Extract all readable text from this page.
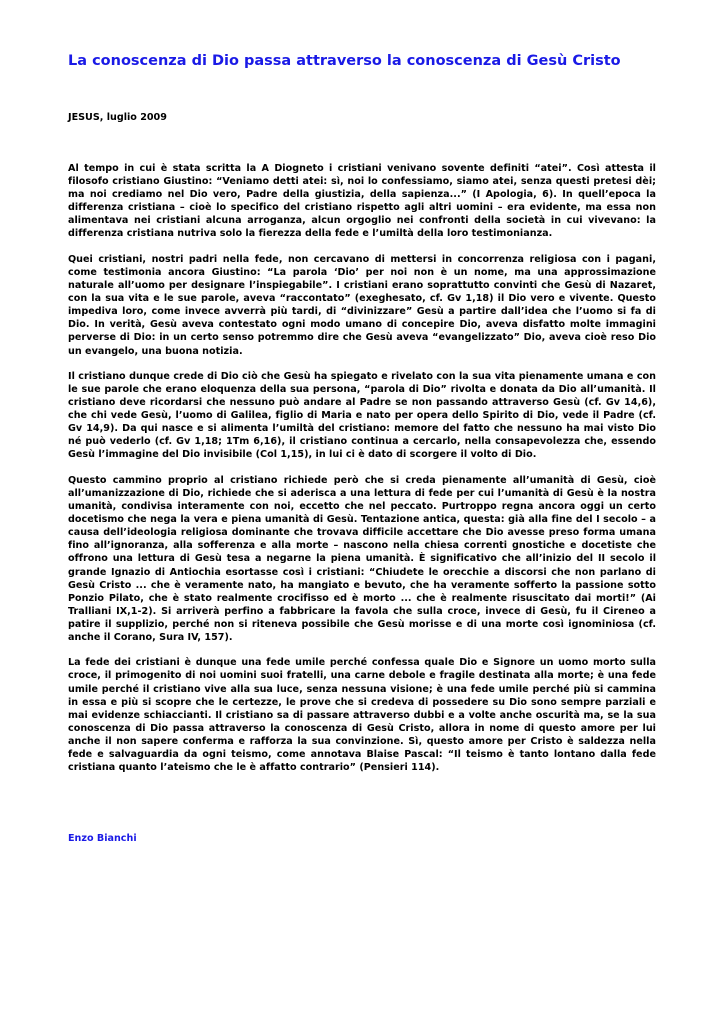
La conoscenza di Dio passa attraverso la conoscenza di Gesù Cristo

JESUS, luglio 2009

Al tempo in cui è stata scritta la A Diogneto i cristiani venivano sovente definiti “atei”. Così attesta il filosofo cristiano Giustino: “Veniamo detti atei: sì, noi lo confessiamo, siamo atei, senza questi pretesi dèi; ma noi crediamo nel Dio vero, Padre della giustizia, della sapienza...” (I Apologia, 6). In quell’epoca la differenza cristiana – cioè lo specifico del cristiano rispetto agli altri uomini – era evidente, ma essa non alimentava nei cristiani alcuna arroganza, alcun orgoglio nei confronti della società in cui vivevano: la differenza cristiana nutriva solo la fierezza della fede e l’umiltà della loro testimonianza.

Quei cristiani, nostri padri nella fede, non cercavano di mettersi in concorrenza religiosa con i pagani, come testimonia ancora Giustino: “La parola ‘Dio’ per noi non è un nome, ma una approssimazione naturale all’uomo per designare l’inspiegabile”. I cristiani erano soprattutto convinti che Gesù di Nazaret, con la sua vita e le sue parole, aveva “raccontato” (exeghesato, cf. Gv 1,18) il Dio vero e vivente. Questo impediva loro, come invece avverrà più tardi, di “divinizzare” Gesù a partire dall’idea che l’uomo si fa di Dio. In verità, Gesù aveva contestato ogni modo umano di concepire Dio, aveva disfatto molte immagini perverse di Dio: in un certo senso potremmo dire che Gesù aveva “evangelizzato” Dio, aveva cioè reso Dio un evangelo, una buona notizia.

Il cristiano dunque crede di Dio ciò che Gesù ha spiegato e rivelato con la sua vita pienamente umana e con le sue parole che erano eloquenza della sua persona, “parola di Dio” rivolta e donata da Dio all’umanità. Il cristiano deve ricordarsi che nessuno può andare al Padre se non passando attraverso Gesù (cf. Gv 14,6), che chi vede Gesù, l’uomo di Galilea, figlio di Maria e nato per opera dello Spirito di Dio, vede il Padre (cf. Gv 14,9). Da qui nasce e si alimenta l’umiltà del cristiano: memore del fatto che nessuno ha mai visto Dio né può vederlo (cf. Gv 1,18; 1Tm 6,16), il cristiano continua a cercarlo, nella consapevolezza che, essendo Gesù l’immagine del Dio invisibile (Col 1,15), in lui ci è dato di scorgere il volto di Dio.

Questo cammino proprio al cristiano richiede però che si creda pienamente all’umanità di Gesù, cioè all’umanizzazione di Dio, richiede che si aderisca a una lettura di fede per cui l’umanità di Gesù è la nostra umanità, condivisa interamente con noi, eccetto che nel peccato. Purtroppo regna ancora oggi un certo docetismo che nega la vera e piena umanità di Gesù. Tentazione antica, questa: già alla fine del I secolo – a causa dell’ideologia religiosa dominante che trovava difficile accettare che Dio avesse preso forma umana fino all’ignoranza, alla sofferenza e alla morte – nascono nella chiesa correnti gnostiche e docetiste che offrono una lettura di Gesù tesa a negarne la piena umanità. È significativo che all’inizio del II secolo il grande Ignazio di Antiochia esortasse così i cristiani: “Chiudete le orecchie a discorsi che non parlano di Gesù Cristo ... che è veramente nato, ha mangiato e bevuto, che ha veramente sofferto la passione sotto Ponzio Pilato, che è stato realmente crocifisso ed è morto ... che è realmente risuscitato dai morti!” (Ai Tralliani IX,1-2). Si arriverà perfino a fabbricare la favola che sulla croce, invece di Gesù, fu il Cireneo a patire il supplizio, perché non si riteneva possibile che Gesù morisse e di una morte così ignominiosa (cf. anche il Corano, Sura IV, 157).

La fede dei cristiani è dunque una fede umile perché confessa quale Dio e Signore un uomo morto sulla croce, il primogenito di noi uomini suoi fratelli, una carne debole e fragile destinata alla morte; è una fede umile perché il cristiano vive alla sua luce, senza nessuna visione; è una fede umile perché più si cammina in essa e più si scopre che le certezze, le prove che si credeva di possedere su Dio sono sempre parziali e mai evidenze schiaccianti. Il cristiano sa di passare attraverso dubbi e a volte anche oscurità ma, se la sua conoscenza di Dio passa attraverso la conoscenza di Gesù Cristo, allora in nome di questo amore per lui anche il non sapere conferma e rafforza la sua convinzione. Sì, questo amore per Cristo è saldezza nella fede e salvaguardia da ogni teismo, come annotava Blaise Pascal: “Il teismo è tanto lontano dalla fede cristiana quanto l’ateismo che le è affatto contrario” (Pensieri 114).

Enzo Bianchi
